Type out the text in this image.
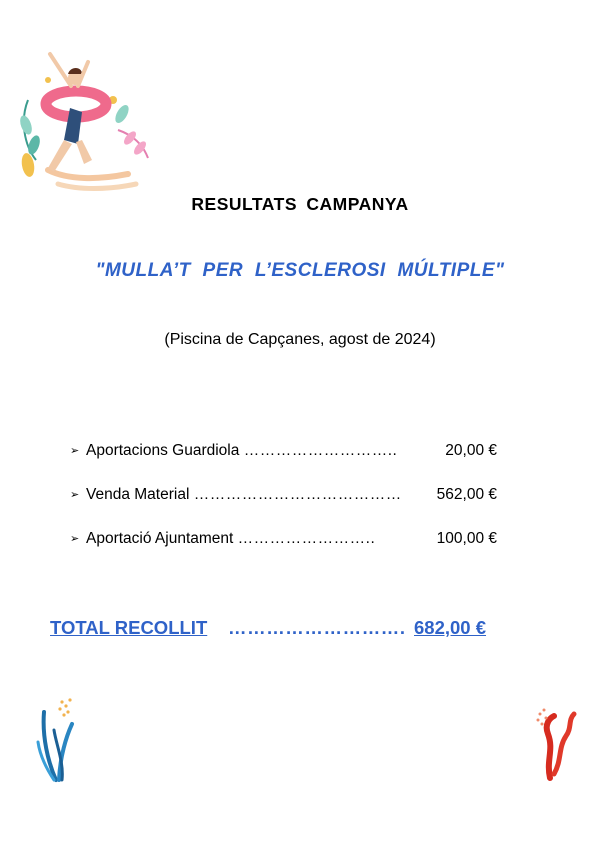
RESULTATS CAMPANYA
"MULLA’T PER L’ESCLEROSI MÚLTIPLE"
(Piscina de Capçanes, agost de 2024)
➢ Aportacions Guardiola ………………………..	20,00 €
➢ Venda Material ………………………………… 562,00 €
➢ Aportació Ajuntament ……………………..	100,00 €
TOTAL RECOLLIT ………………………. 682,00 €
